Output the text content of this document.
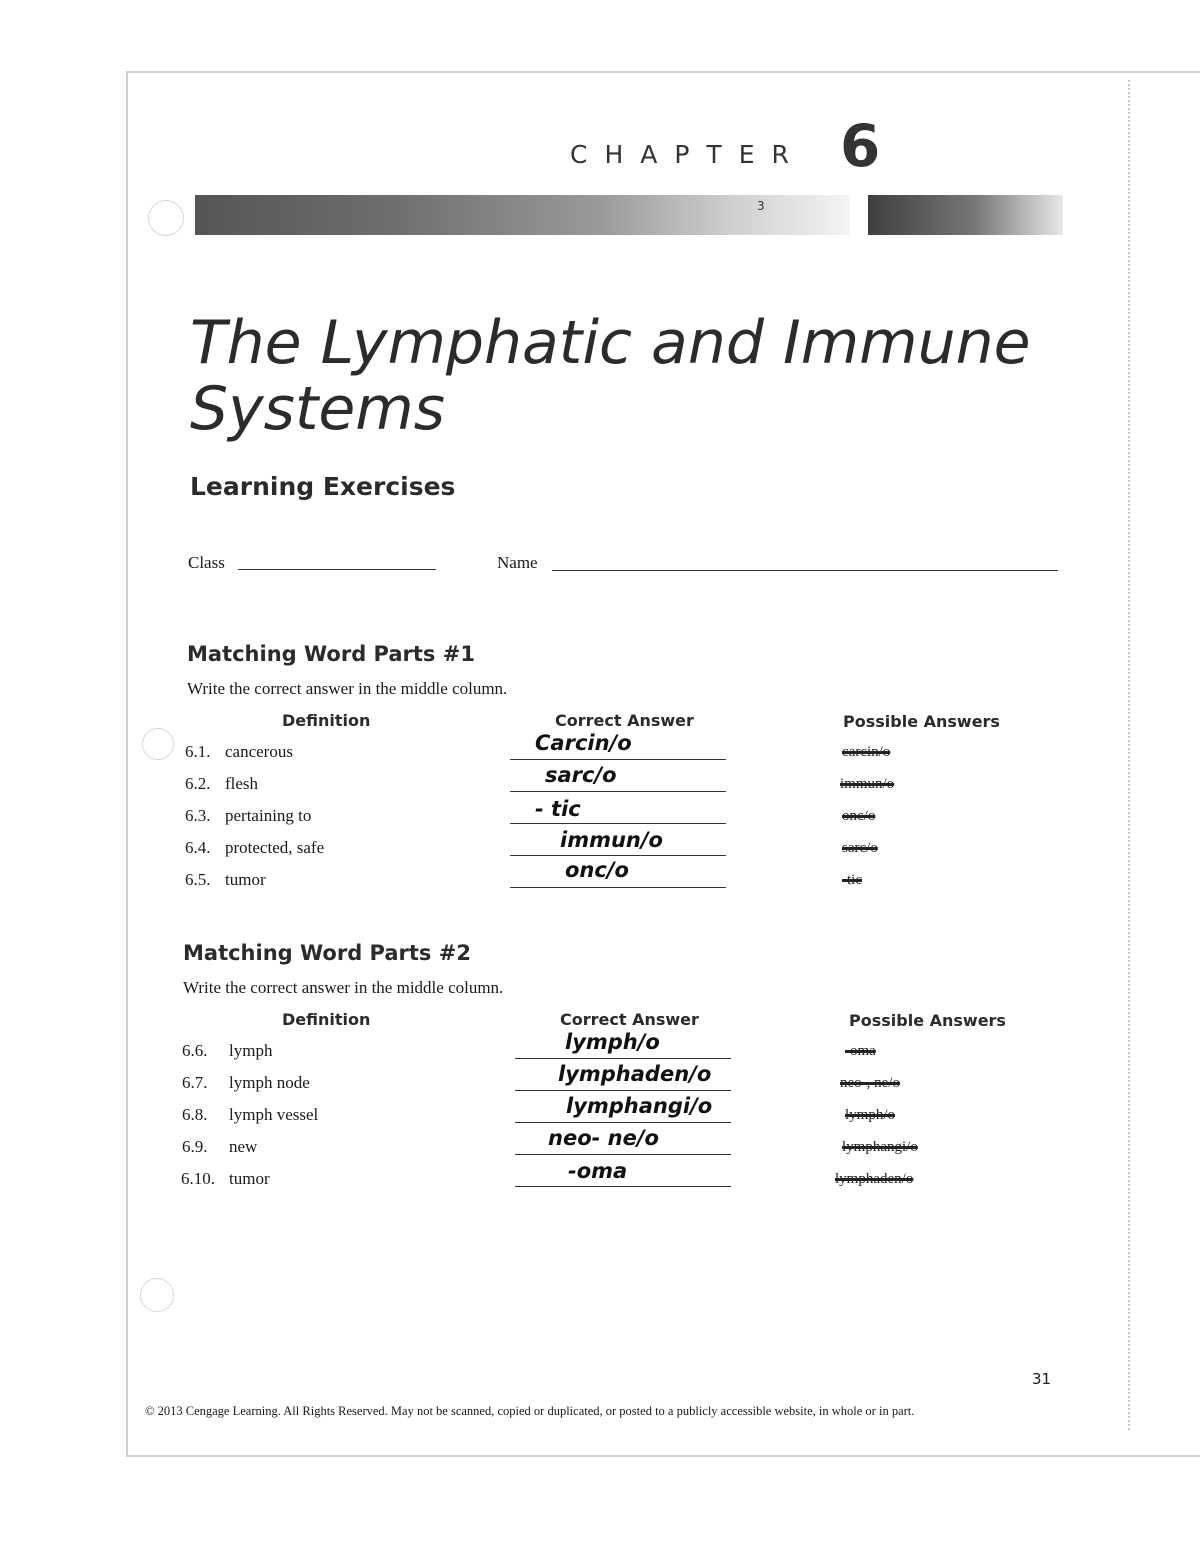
CHAPTER 6
3
The Lymphatic and Immune
Systems
Learning Exercises
Class	Name
Matching Word Parts #1
Write the correct answer in the middle column.
Definition	Correct Answer	Possible Answers
6.1. cancerous	Carcin/o	carcin/o
6.2. flesh	sarc/o	immun/o
6.3. pertaining to	- tic	onc/o
6.4. protected, safe	immun/o	sarc/o
6.5. tumor	onc/o	-tic
Matching Word Parts #2
Write the correct answer in the middle column.
Definition	Correct Answer	Possible Answers
6.6. lymph	lymph/o	-oma
6.7. lymph node	lymphaden/o	neo-, ne/o
6.8. lymph vessel	lymphangi/o	lymph/o
6.9. new	neo- ne/o	lymphangi/o
6.10. tumor	-oma	lymphaden/o
31
© 2013 Cengage Learning. All Rights Reserved. May not be scanned, copied or duplicated, or posted to a publicly accessible website, in whole or in part.
